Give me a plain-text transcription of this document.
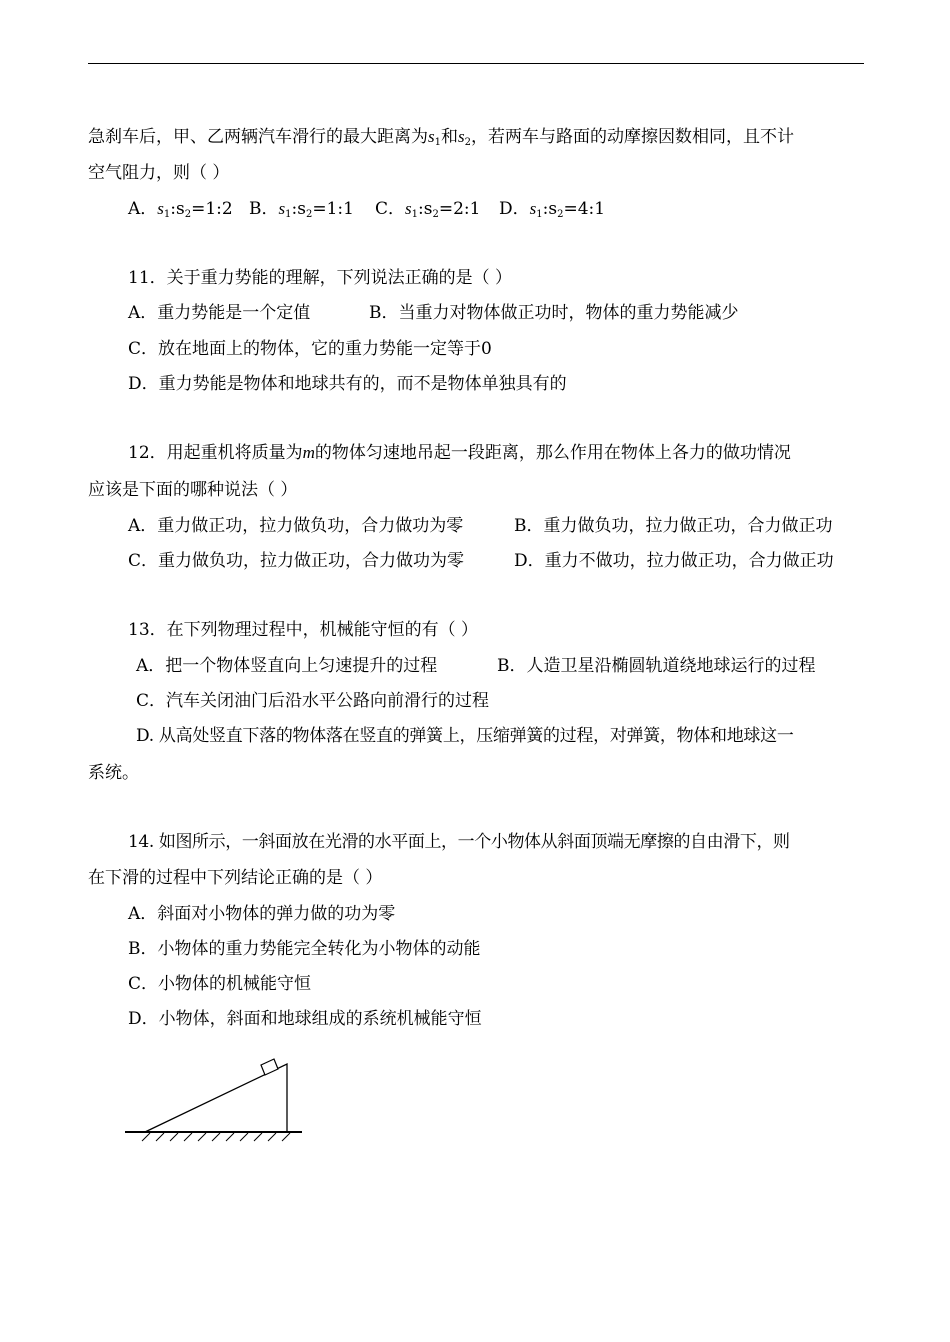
急刹车后，甲、乙两辆汽车滑行的最大距离为$s_1$和$s_2$，若两车与路面的动摩擦因数相同，且不计
空气阻力，则（ ）
A．$s_1:s_2=1:2$ B．$s_1:s_2=1:1$ C．$s_1:s_2=2:1$ D．$s_1:s_2=4:1$
11．关于重力势能的理解，下列说法正确的是（ ）
A．重力势能是一个定值	B．当重力对物体做正功时，物体的重力势能减少
C．放在地面上的物体，它的重力势能一定等于0
D．重力势能是物体和地球共有的，而不是物体单独具有的
12．用起重机将质量为m的物体匀速地吊起一段距离，那么作用在物体上各力的做功情况
应该是下面的哪种说法（ ）
A．重力做正功，拉力做负功，合力做功为零	B．重力做负功，拉力做正功，合力做正功
C．重力做负功，拉力做正功，合力做功为零	D．重力不做功，拉力做正功，合力做正功
13．在下列物理过程中，机械能守恒的有（ ）
A．把一个物体竖直向上匀速提升的过程	B．人造卫星沿椭圆轨道绕地球运行的过程
C．汽车关闭油门后沿水平公路向前滑行的过程
D. 从高处竖直下落的物体落在竖直的弹簧上，压缩弹簧的过程，对弹簧，物体和地球这一
系统。
14. 如图所示，一斜面放在光滑的水平面上，一个小物体从斜面顶端无摩擦的自由滑下，则
在下滑的过程中下列结论正确的是（ ）
A．斜面对小物体的弹力做的功为零
B．小物体的重力势能完全转化为小物体的动能
C．小物体的机械能守恒
D．小物体，斜面和地球组成的系统机械能守恒
